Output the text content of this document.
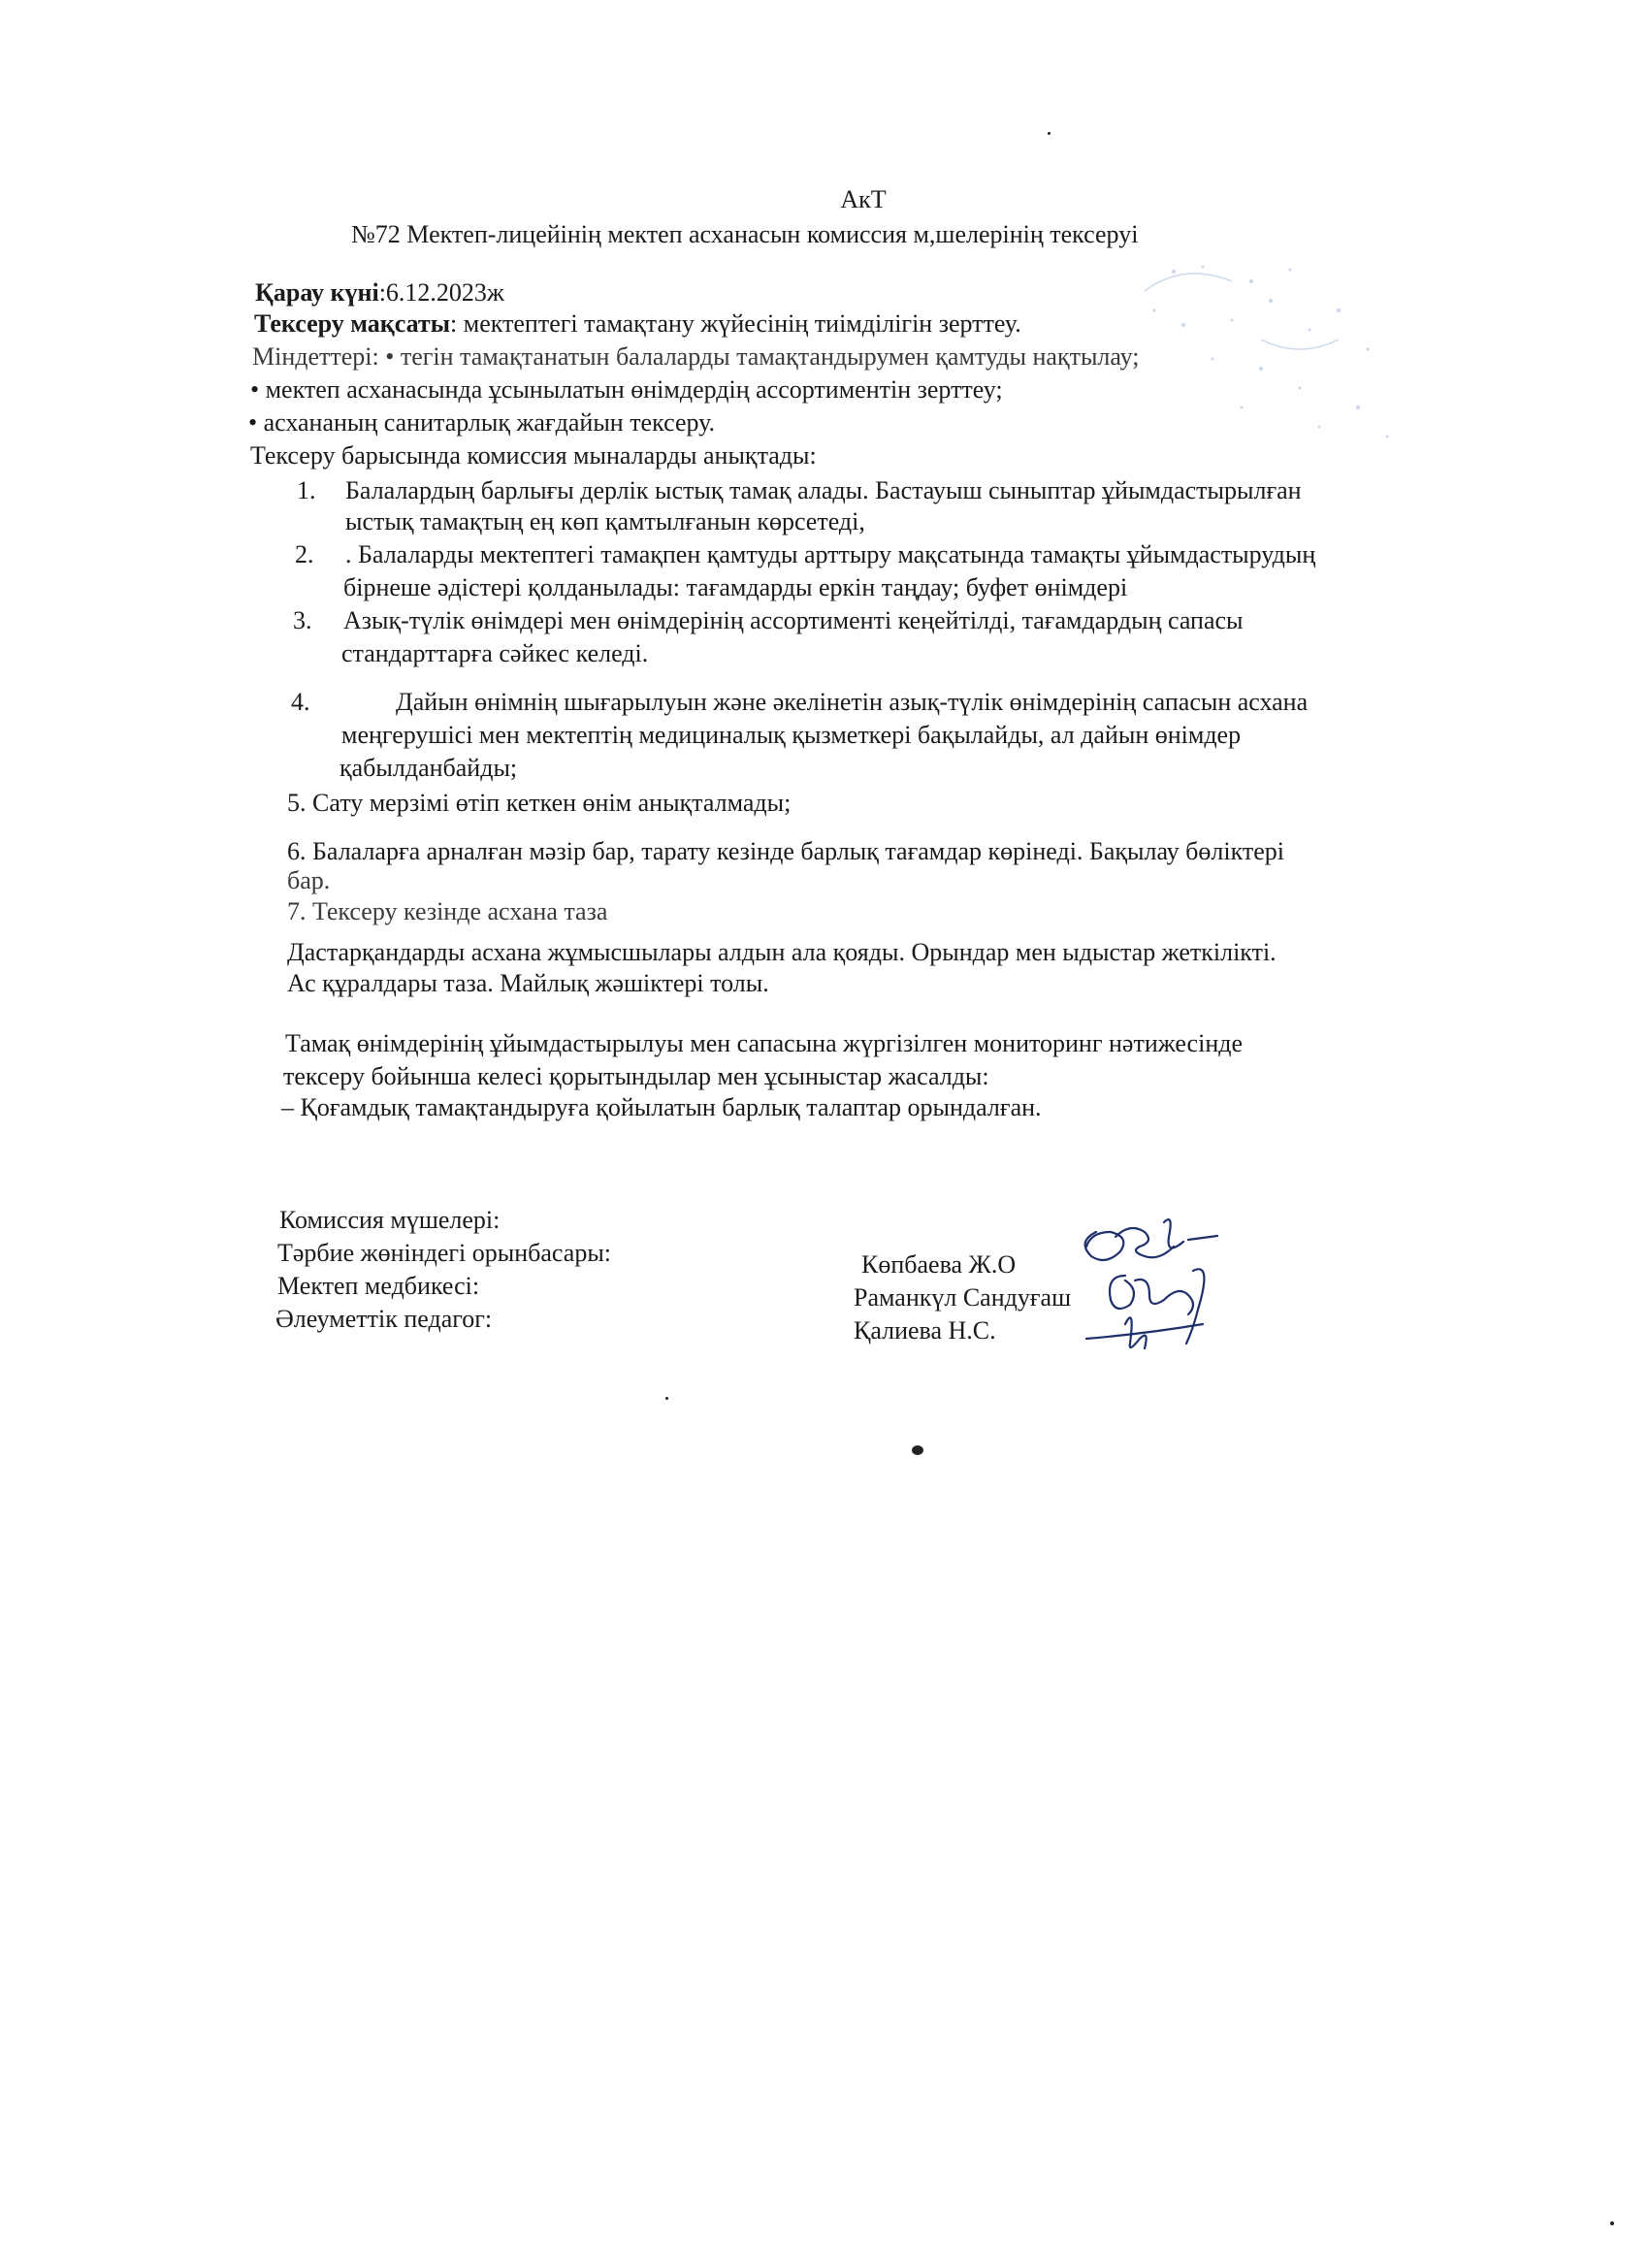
АкТ
№72 Мектеп-лицейінің мектеп асханасын комиссия м,шелерінің тексеруі
Қарау күні:6.12.2023ж
Тексеру мақсаты: мектептегі тамақтану жүйесінің тиімділігін зерттеу.
Міндеттері: • тегін тамақтанатын балаларды тамақтандырумен қамтуды нақтылау;
• мектеп асханасында ұсынылатын өнімдердің ассортиментін зерттеу;
• асхананың санитарлық жағдайын тексеру.
Тексеру барысында комиссия мыналарды анықтады:
1. Балалардың барлығы дерлік ыстық тамақ алады. Бастауыш сыныптар ұйымдастырылған
ыстық тамақтың ең көп қамтылғанын көрсетеді,
2. . Балаларды мектептегі тамақпен қамтуды арттыру мақсатында тамақты ұйымдастырудың
бірнеше әдістері қолданылады: тағамдарды еркін таңдау; буфет өнімдері
3. Азық-түлік өнімдері мен өнімдерінің ассортименті кеңейтілді, тағамдардың сапасы
стандарттарға сәйкес келеді.
4.	Дайын өнімнің шығарылуын және әкелінетін азық-түлік өнімдерінің сапасын асхана
меңгерушісі мен мектептің медициналық қызметкері бақылайды, ал дайын өнімдер
қабылданбайды;
5. Сату мерзімі өтіп кеткен өнім анықталмады;
6. Балаларға арналған мәзір бар, тарату кезінде барлық тағамдар көрінеді. Бақылау бөліктері
бар.
7. Тексеру кезінде асхана таза
Дастарқандарды асхана жұмысшылары алдын ала қояды. Орындар мен ыдыстар жеткілікті.
Ас құралдары таза. Майлық жәшіктері толы.
Тамақ өнімдерінің ұйымдастырылуы мен сапасына жүргізілген мониторинг нәтижесінде
тексеру бойынша келесі қорытындылар мен ұсыныстар жасалды:
– Қоғамдық тамақтандыруға қойылатын барлық талаптар орындалған.
Комиссия мүшелері:
Тәрбие жөніндегі орынбасары:
Мектеп медбикесі:
Әлеуметтік педагог:
Көпбаева Ж.О
Раманкүл Сандуғаш
Қалиева Н.С.
